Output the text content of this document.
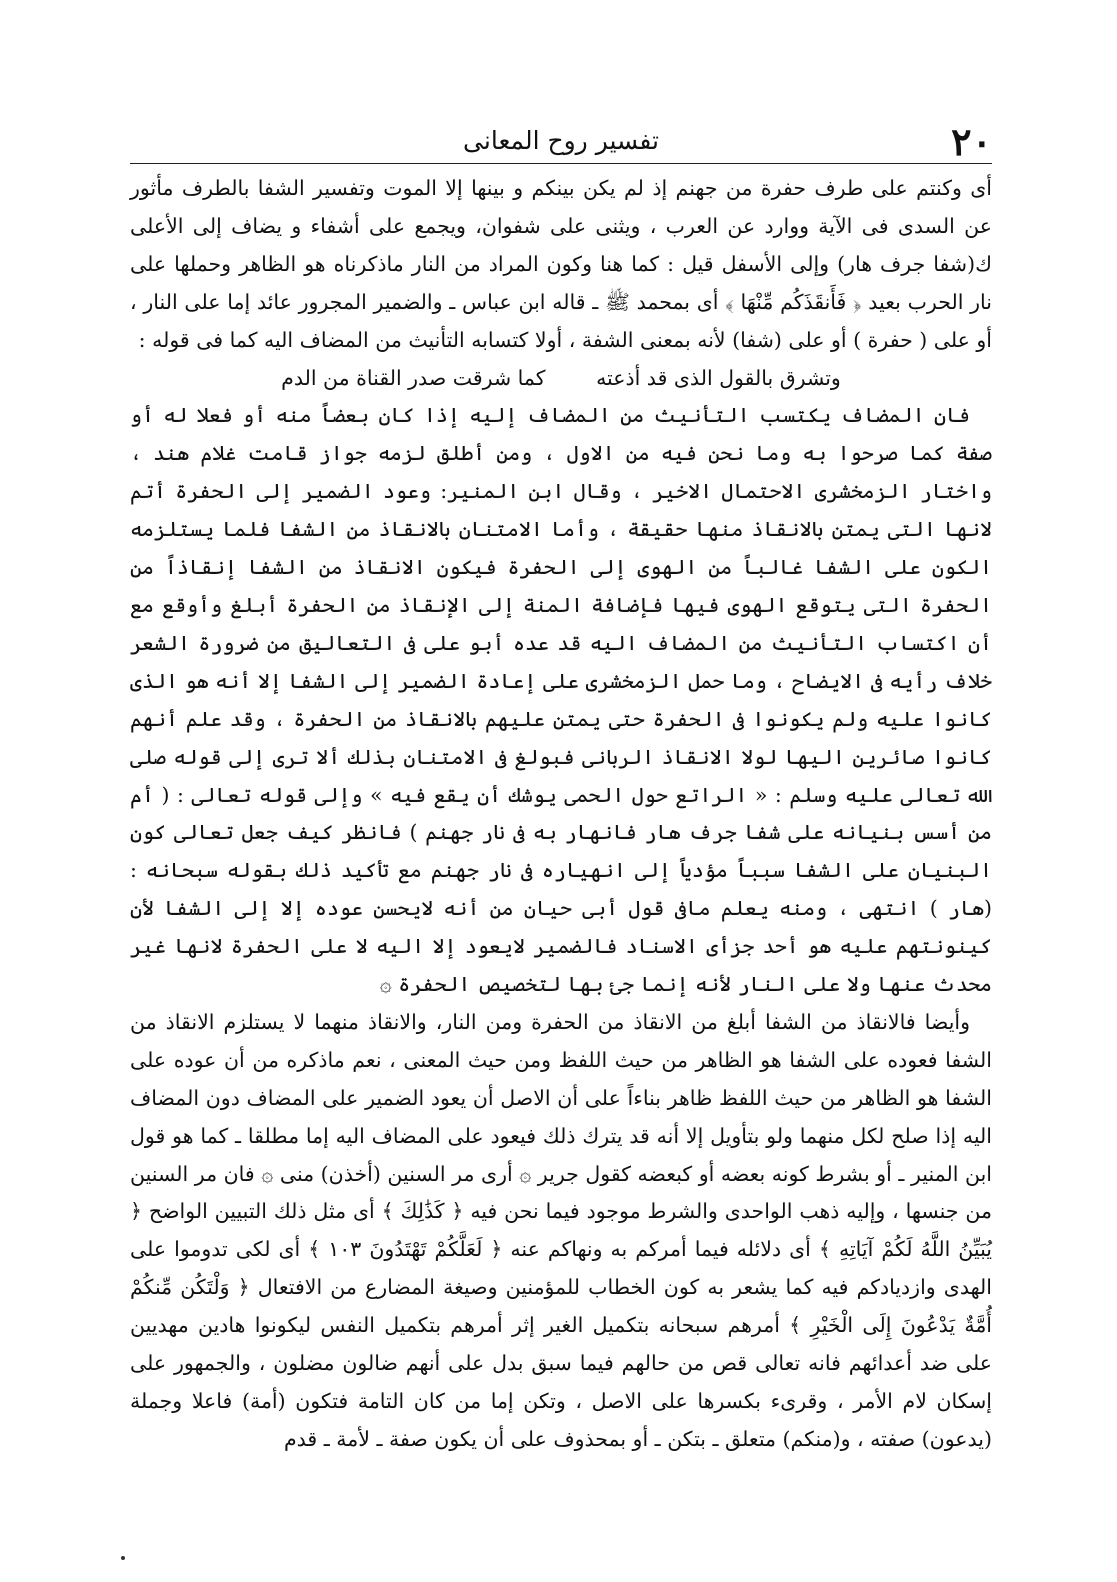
٢٠
تفسير روح المعانى

أى وكنتم على طرف حفرة من جهنم إذ لم يكن بينكم و بينها إلا الموت وتفسير الشفا بالطرف مأثور عن السدى فى الآية ووارد عن العرب ، ويثنى على شفوان، ويجمع على أشفاء و يضاف إلى الأعلى ك(شفا جرف هار) وإلى الأسفل قيل : كما هنا وكون المراد من النار ماذكرناه هو الظاهر وحملها على نار الحرب بعيد ﴿ فَأَنقَذَكُم مِّنْهَا ﴾ أى بمحمد ﷺ ـ قاله ابن عباس ـ والضمير المجرور عائد إما على النار ، أو على ( حفرة ) أو على (شفا) لأنه بمعنى الشفة ، أولا كتسابه التأنيث من المضاف اليه كما فى قوله :

وتشرق بالقول الذى قد أذعته كما شرقت صدر القناة من الدم

فان المضاف يكتسب التأنيث من المضاف إليه إذا كان بعضاً منه أو فعلا له أو صفة كما صرحوا به وما نحن فيه من الاول ، ومن أطلق لزمه جواز قامت غلام هند ، واختار الزمخشرى الاحتمال الاخير ، وقال ابن المنير: وعود الضمير إلى الحفرة أتم لانها التى يمتن بالانقاذ منها حقيقة ، وأما الامتنان بالانقاذ من الشفا فلما يستلزمه الكون على الشفا غالباً من الهوى إلى الحفرة فيكون الانقاذ من الشفا إنقاذاً من الحفرة التى يتوقع الهوى فيها فإضافة المنة إلى الإنقاذ من الحفرة أبلغ وأوقع مع أن اكتساب التأنيث من المضاف اليه قد عده أبو على فى التعاليق من ضرورة الشعر خلاف رأيه فى الايضاح ، وما حمل الزمخشرى على إعادة الضمير إلى الشفا إلا أنه هو الذى كانوا عليه ولم يكونوا فى الحفرة حتى يمتن عليهم بالانقاذ من الحفرة ، وقد علم أنهم كانوا صائرين اليها لولا الانقاذ الربانى فبولغ فى الامتنان بذلك ألا ترى إلى قوله صلى الله تعالى عليه وسلم : « الراتع حول الحمى يوشك أن يقع فيه » وإلى قوله تعالى : ( أم من أسس بنيانه على شفا جرف هار فانهار به فى نار جهنم ) فانظر كيف جعل تعالى كون البنيان على الشفا سبباً مؤدياً إلى انهياره فى نار جهنم مع تأكيد ذلك بقوله سبحانه : (هار ) انتهى ، ومنه يعلم مافى قول أبى حيان من أنه لايحسن عوده إلا إلى الشفا لأن كينونتهم عليه هو أحد جزأى الاسناد فالضمير لايعود إلا اليه لا على الحفرة لانها غير محدث عنها ولا على النار لأنه إنما جئ بها لتخصيص الحفرة ۞

وأيضا فالانقاذ من الشفا أبلغ من الانقاذ من الحفرة ومن النار، والانقاذ منهما لا يستلزم الانقاذ من الشفا فعوده على الشفا هو الظاهر من حيث اللفظ ومن حيث المعنى ، نعم ماذكره من أن عوده على الشفا هو الظاهر من حيث اللفظ ظاهر بناءاً على أن الاصل أن يعود الضمير على المضاف دون المضاف اليه إذا صلح لكل منهما ولو بتأويل إلا أنه قد يترك ذلك فيعود على المضاف اليه إما مطلقا ـ كما هو قول ابن المنير ـ أو بشرط كونه بعضه أو كبعضه كقول جرير ۞ أرى مر السنين (أخذن) منى ۞ فان مر السنين من جنسها ، وإليه ذهب الواحدى والشرط موجود فيما نحن فيه ﴿ كَذَٰلِكَ ﴾ أى مثل ذلك التبيين الواضح ﴿ يُبَيِّنُ اللَّهُ لَكُمْ آيَاتِهِ ﴾ أى دلائله فيما أمركم به ونهاكم عنه ﴿ لَعَلَّكُمْ تَهْتَدُونَ ١٠٣ ﴾ أى لكى تدوموا على الهدى وازديادكم فيه كما يشعر به كون الخطاب للمؤمنين وصيغة المضارع من الافتعال ﴿ وَلْتَكُن مِّنكُمْ أُمَّةٌ يَدْعُونَ إِلَى الْخَيْرِ ﴾ أمرهم سبحانه بتكميل الغير إثر أمرهم بتكميل النفس ليكونوا هادين مهديين على ضد أعدائهم فانه تعالى قص من حالهم فيما سبق بدل على أنهم ضالون مضلون ، والجمهور على إسكان لام الأمر ، وقرىء بكسرها على الاصل ، وتكن إما من كان التامة فتكون (أمة) فاعلا وجملة (يدعون) صفته ، و(منكم) متعلق ـ بتكن ـ أو بمحذوف على أن يكون صفة ـ لأمة ـ قدم
